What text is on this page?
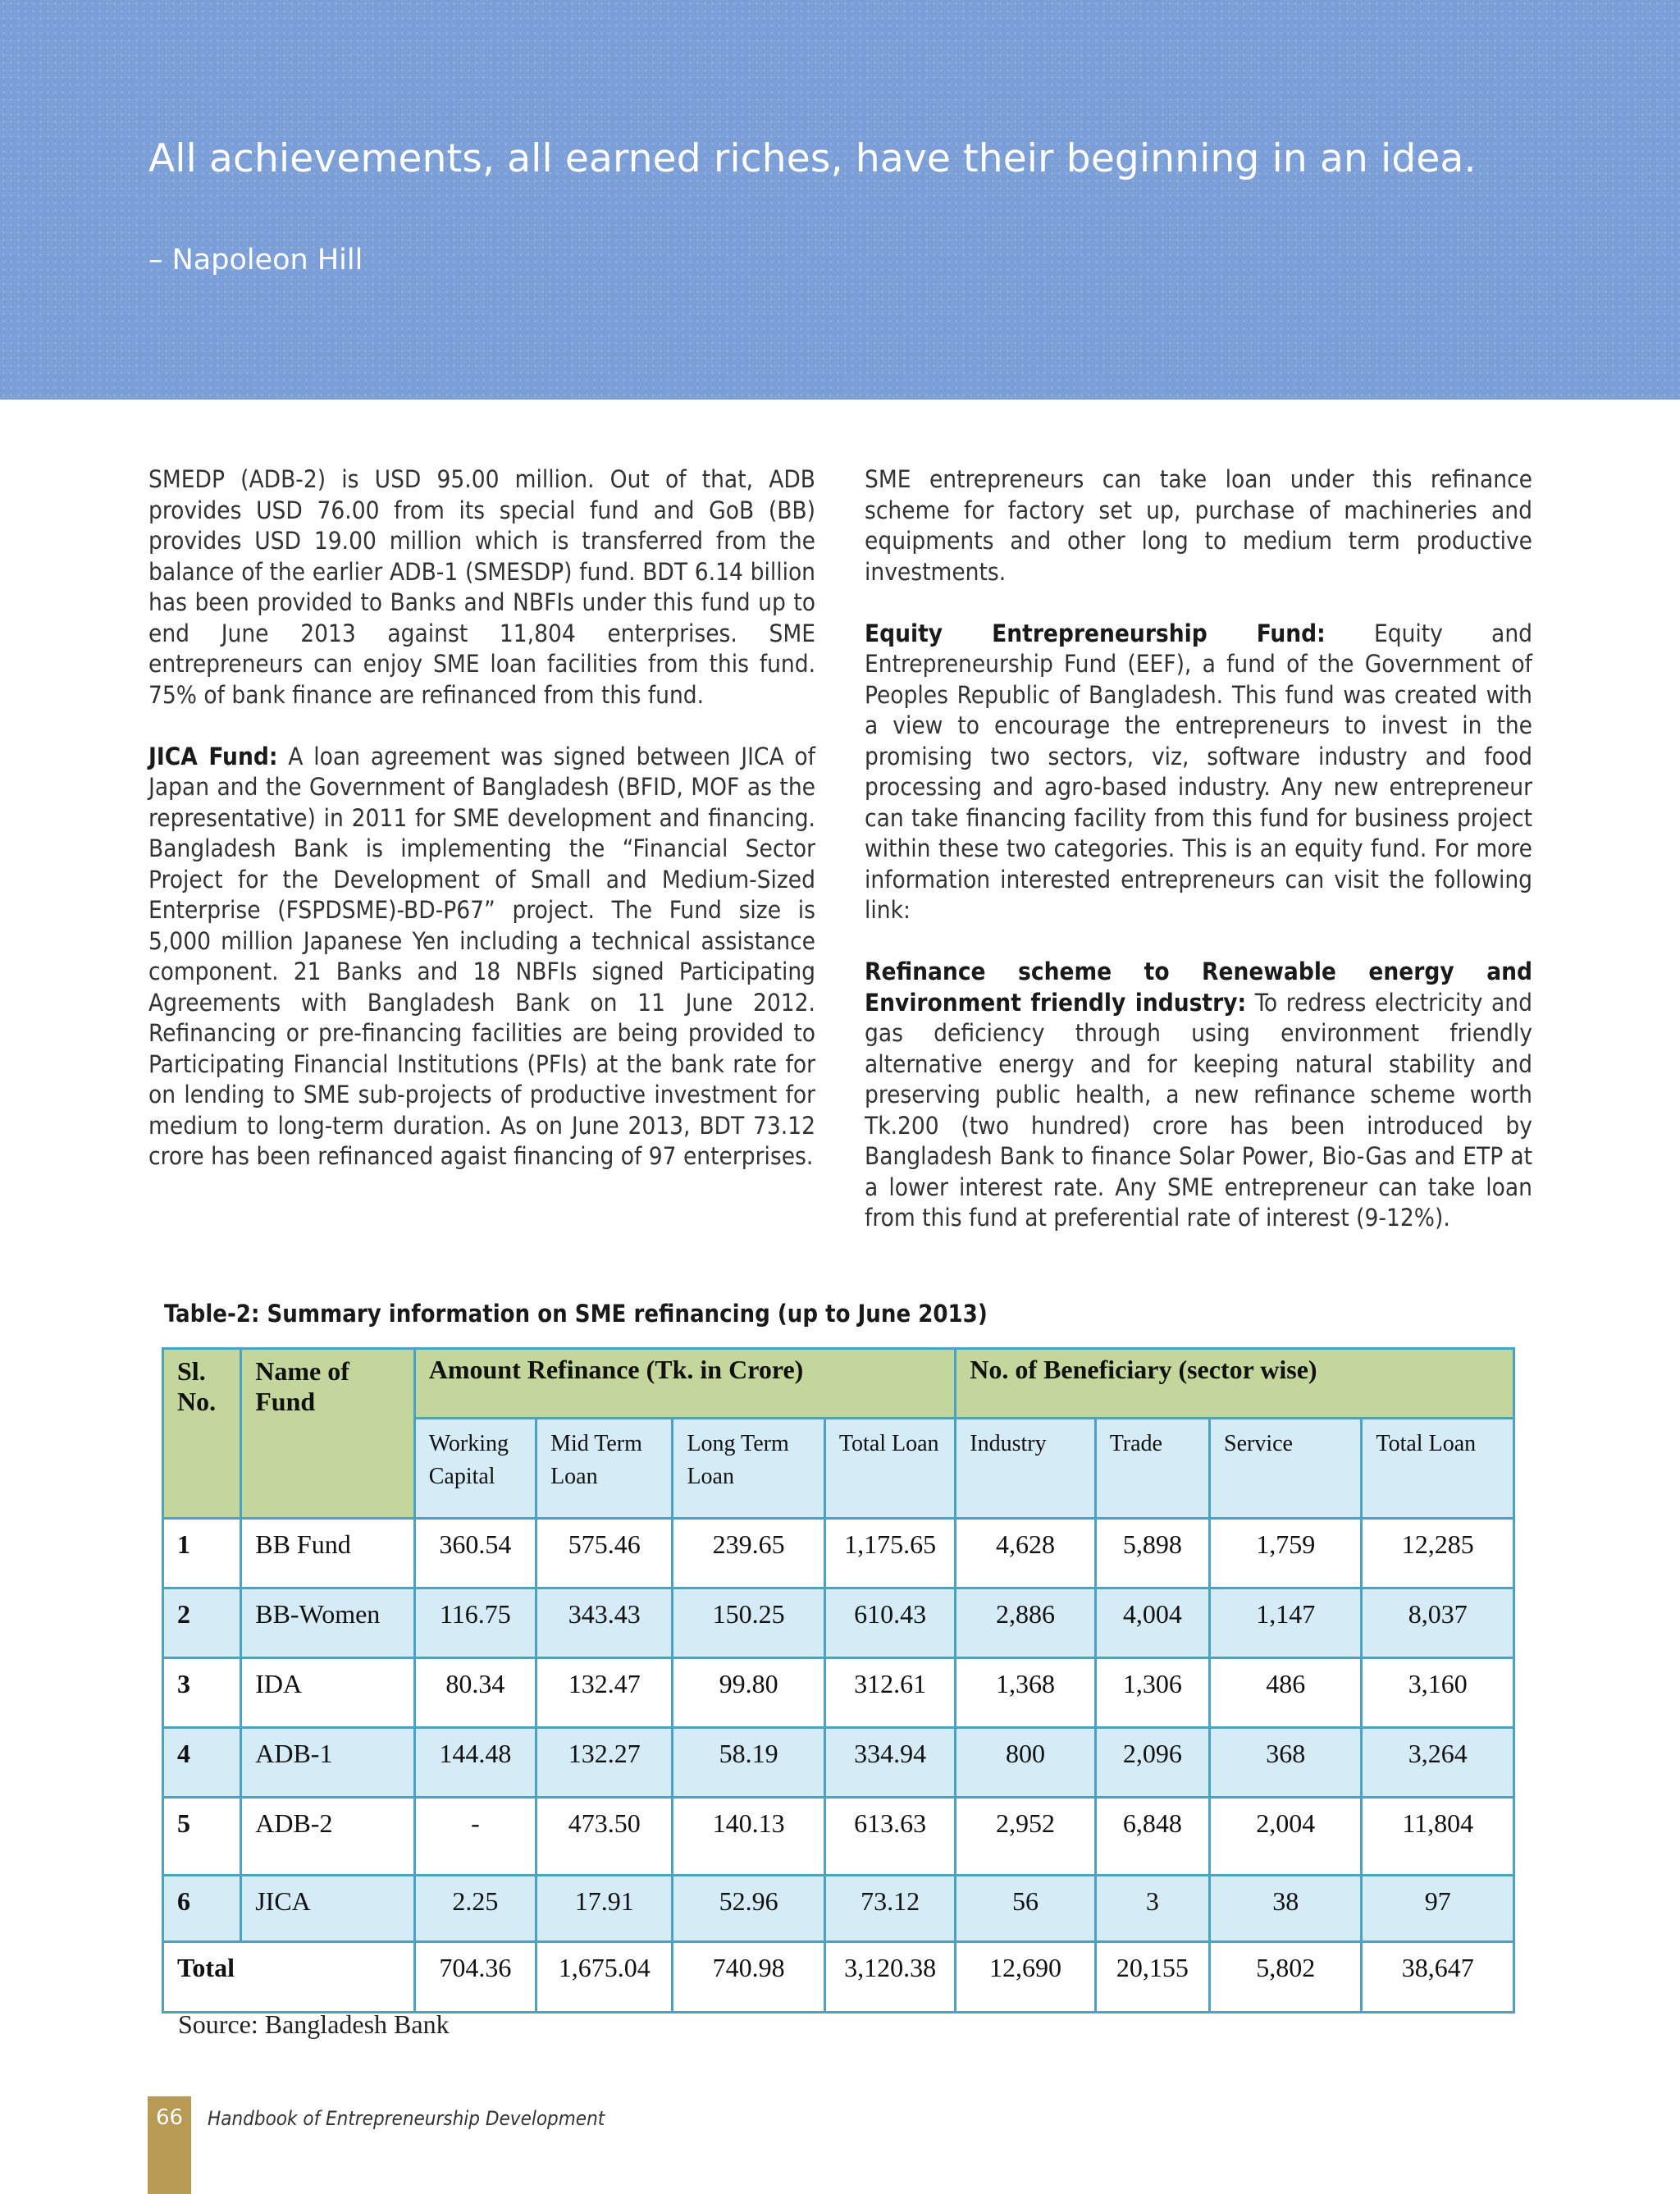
All achievements, all earned riches, have their beginning in an idea.

– Napoleon Hill

SMEDP (ADB-2) is USD 95.00 million. Out of that, ADB provides USD 76.00 from its special fund and GoB (BB) provides USD 19.00 million which is transferred from the balance of the earlier ADB-1 (SMESDP) fund. BDT 6.14 billion has been provided to Banks and NBFIs under this fund up to end June 2013 against 11,804 enterprises. SME entrepreneurs can enjoy SME loan facilities from this fund. 75% of bank finance are refinanced from this fund.

JICA Fund: A loan agreement was signed between JICA of Japan and the Government of Bangladesh (BFID, MOF as the representative) in 2011 for SME development and financing. Bangladesh Bank is implementing the “Financial Sector Project for the Development of Small and Medium-Sized Enterprise (FSPDSME)-BD-P67” project. The Fund size is 5,000 million Japanese Yen including a technical assistance component. 21 Banks and 18 NBFIs signed Participating Agreements with Bangladesh Bank on 11 June 2012. Refinancing or pre-financing facilities are being provided to Participating Financial Institutions (PFIs) at the bank rate for on lending to SME sub-projects of productive investment for medium to long-term duration. As on June 2013, BDT 73.12 crore has been refinanced agaist financing of 97 enterprises.

SME entrepreneurs can take loan under this refinance scheme for factory set up, purchase of machineries and equipments and other long to medium term productive investments.

Equity Entrepreneurship Fund: Equity and Entrepreneurship Fund (EEF), a fund of the Government of Peoples Republic of Bangladesh. This fund was created with a view to encourage the entrepreneurs to invest in the promising two sectors, viz, software industry and food processing and agro-based industry. Any new entrepreneur can take financing facility from this fund for business project within these two categories. This is an equity fund. For more information interested entrepreneurs can visit the following link:

Refinance scheme to Renewable energy and Environment friendly industry: To redress electricity and gas deficiency through using environment friendly alternative energy and for keeping natural stability and preserving public health, a new refinance scheme worth Tk.200 (two hundred) crore has been introduced by Bangladesh Bank to finance Solar Power, Bio-Gas and ETP at a lower interest rate. Any SME entrepreneur can take loan from this fund at preferential rate of interest (9-12%).

Table-2: Summary information on SME refinancing (up to June 2013)

Sl. No.	Name of Fund	Amount Refinance (Tk. in Crore)				No. of Beneficiary (sector wise)			
		Working Capital	Mid Term Loan	Long Term Loan	Total Loan	Industry	Trade	Service	Total Loan
1	BB Fund	360.54	575.46	239.65	1,175.65	4,628	5,898	1,759	12,285
2	BB-Women	116.75	343.43	150.25	610.43	2,886	4,004	1,147	8,037
3	IDA	80.34	132.47	99.80	312.61	1,368	1,306	486	3,160
4	ADB-1	144.48	132.27	58.19	334.94	800	2,096	368	3,264
5	ADB-2	-	473.50	140.13	613.63	2,952	6,848	2,004	11,804
6	JICA	2.25	17.91	52.96	73.12	56	3	38	97
Total		704.36	1,675.04	740.98	3,120.38	12,690	20,155	5,802	38,647

Source: Bangladesh Bank

66	Handbook of Entrepreneurship Development
